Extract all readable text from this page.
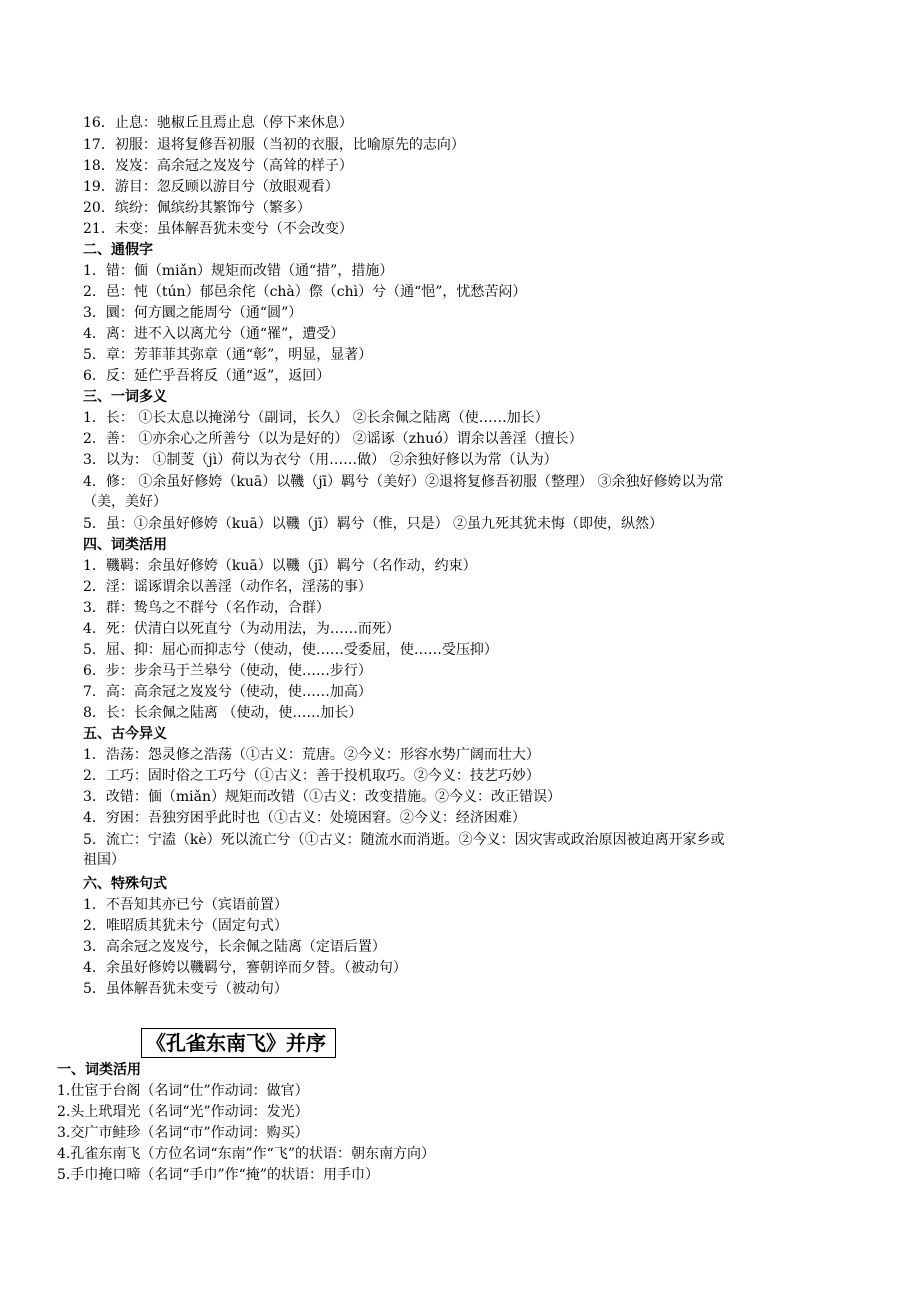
16．止息：驰椒丘且焉止息（停下来休息）
17．初服：退将复修吾初服（当初的衣服，比喻原先的志向）
18．岌岌：高余冠之岌岌兮（高耸的样子）
19．游目：忽反顾以游目兮（放眼观看）
20．缤纷：佩缤纷其繁饰兮（繁多）
21．未变：虽体解吾犹未变兮（不会改变）
二、通假字
1．错：偭（miǎn）规矩而改错（通“措”，措施）
2．邑：忳（tún）郁邑余侘（chà）傺（chì）兮（通“悒”，忧愁苦闷）
3．圜：何方圜之能周兮（通“圆”）
4．离：进不入以离尤兮（通“罹”，遭受）
5．章：芳菲菲其弥章（通“彰”，明显，显著）
6．反：延伫乎吾将反（通“返”，返回）
三、一词多义
1．长： ①长太息以掩涕兮（副词，长久） ②长余佩之陆离（使……加长）
2．善： ①亦余心之所善兮（以为是好的） ②谣诼（zhuó）谓余以善淫（擅长）
3．以为： ①制芰（jì）荷以为衣兮（用……做） ②余独好修以为常（认为）
4．修： ①余虽好修姱（kuā）以鞿（jī）羁兮（美好）②退将复修吾初服（整理） ③余独好修姱以为常
（美，美好）
5．虽：①余虽好修姱（kuā）以鞿（jī）羁兮（惟，只是） ②虽九死其犹未悔（即使，纵然）
四、词类活用
1．鞿羁：余虽好修姱（kuā）以鞿（jī）羁兮（名作动，约束）
2．淫：谣诼谓余以善淫（动作名，淫荡的事）
3．群：鸷鸟之不群兮（名作动，合群）
4．死：伏清白以死直兮（为动用法，为……而死）
5．屈、抑：屈心而抑志兮（使动，使……受委屈，使……受压抑）
6．步：步余马于兰皋兮（使动，使……步行）
7．高：高余冠之岌岌兮（使动，使……加高）
8．长：长余佩之陆离 （使动，使……加长）
五、古今异义
1．浩荡：怨灵修之浩荡（①古义：荒唐。②今义：形容水势广阔而壮大）
2．工巧：固时俗之工巧兮（①古义：善于投机取巧。②今义：技艺巧妙）
3．改错：偭（miǎn）规矩而改错（①古义：改变措施。②今义：改正错误）
4．穷困：吾独穷困乎此时也（①古义：处境困窘。②今义：经济困难）
5．流亡：宁溘（kè）死以流亡兮（①古义：随流水而消逝。②今义：因灾害或政治原因被迫离开家乡或
祖国）
六、特殊句式
1．不吾知其亦已兮（宾语前置）
2．唯昭质其犹未兮（固定句式）
3．高余冠之岌岌兮，长余佩之陆离（定语后置）
4．余虽好修姱以鞿羁兮，謇朝谇而夕替。（被动句）
5．虽体解吾犹未变亏（被动句）
《孔雀东南飞》并序
一、词类活用
1.仕宦于台阁（名词“仕”作动词：做官）
2.头上玳瑁光（名词“光”作动词：发光）
3.交广市鲑珍（名词“市”作动词：购买）
4.孔雀东南飞（方位名词“东南”作“飞”的状语：朝东南方向）
5.手巾掩口啼（名词“手巾”作“掩”的状语：用手巾）
